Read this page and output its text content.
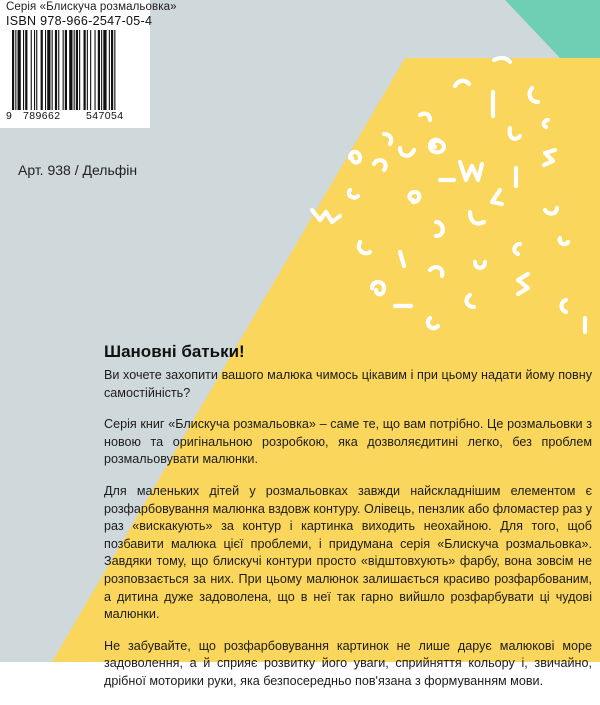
Серія «Блискуча розмальовка»
ISBN 978-966-2547-05-4
9 789662 547054
Арт. 938 / Дельфін
Шановні батьки!

Ви хочете захопити вашого малюка чимось цікавим і при цьому надати йому повну самостійність?

Серія книг «Блискуча розмальовка» – саме те, що вам потрібно. Це розмальовки з новою та оригінальною розробкою, яка дозволяєдитині легко, без проблем розмальовувати малюнки.

Для маленьких дітей у розмальовках завжди найскладнішим елементом є розфарбовування малюнка вздовж контуру. Олівець, пензлик або фломастер раз у раз «вискакують» за контур і картинка виходить неохайною. Для того, щоб позбавити малюка цієї проблеми, і придумана серія «Блискуча розмальовка». Завдяки тому, що блискучі контури просто «відштовхують» фарбу, вона зовсім не розповзається за них. При цьому малюнок залишається красиво розфарбованим, а дитина дуже задоволена, що в неї так гарно вийшло розфарбувати ці чудові малюнки.

Не забувайте, що розфарбовування картинок не лише дарує малюкові море задоволення, а й сприяє розвитку його уваги, сприйняття кольору і, звичайно, дрібної моторики руки, яка безпосередньо пов'язана з формуванням мови.
